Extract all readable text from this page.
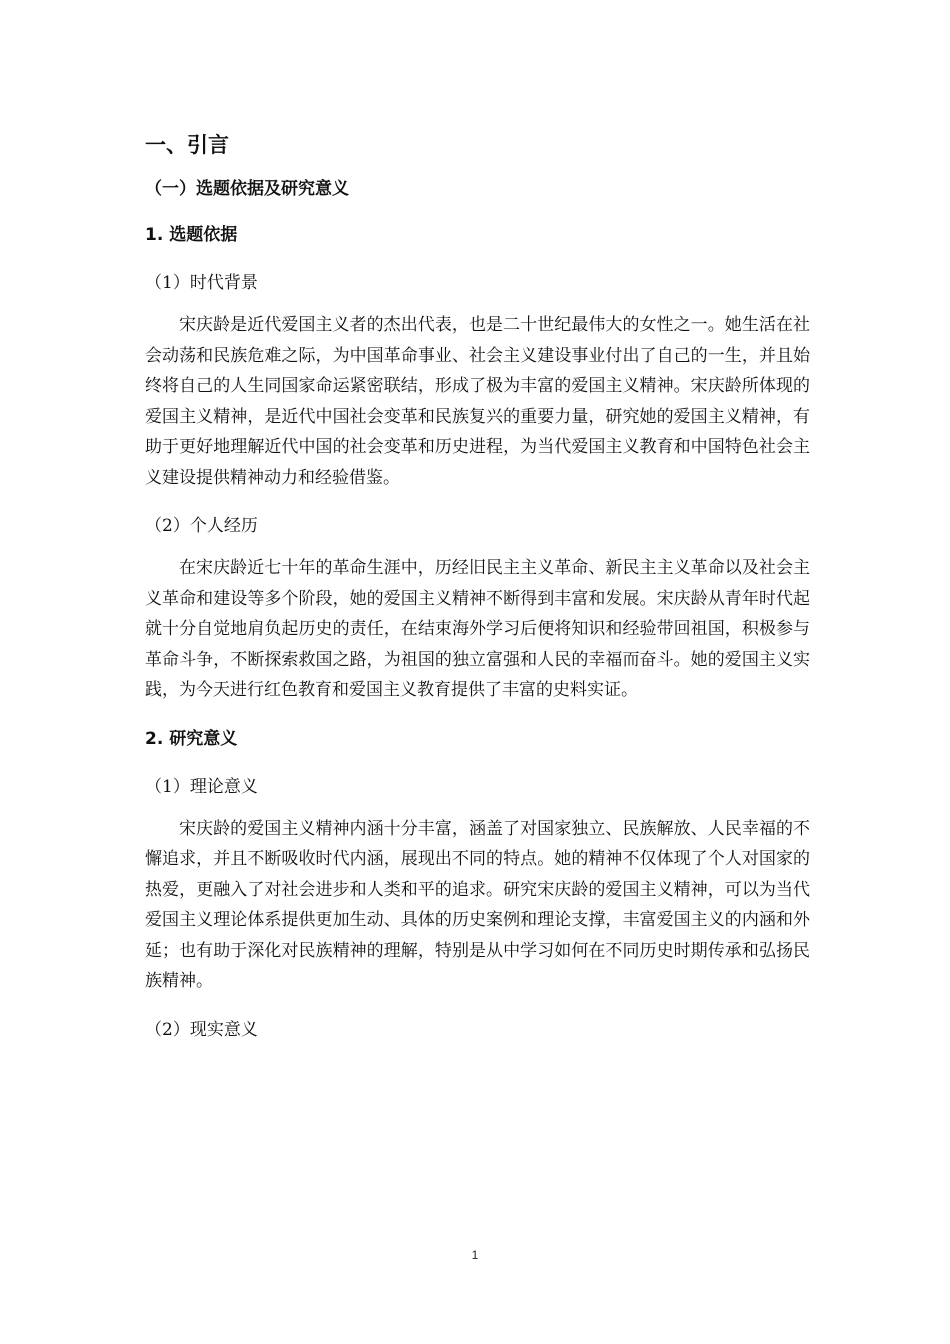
一、引言
（一）选题依据及研究意义
1. 选题依据
（1）时代背景

宋庆龄是近代爱国主义者的杰出代表，也是二十世纪最伟大的女性之一。她生活在社会动荡和民族危难之际，为中国革命事业、社会主义建设事业付出了自己的一生，并且始终将自己的人生同国家命运紧密联结，形成了极为丰富的爱国主义精神。宋庆龄所体现的爱国主义精神，是近代中国社会变革和民族复兴的重要力量，研究她的爱国主义精神，有助于更好地理解近代中国的社会变革和历史进程，为当代爱国主义教育和中国特色社会主义建设提供精神动力和经验借鉴。

（2）个人经历

在宋庆龄近七十年的革命生涯中，历经旧民主主义革命、新民主主义革命以及社会主义革命和建设等多个阶段，她的爱国主义精神不断得到丰富和发展。宋庆龄从青年时代起就十分自觉地肩负起历史的责任，在结束海外学习后便将知识和经验带回祖国，积极参与革命斗争，不断探索救国之路，为祖国的独立富强和人民的幸福而奋斗。她的爱国主义实践，为今天进行红色教育和爱国主义教育提供了丰富的史料实证。

2. 研究意义
（1）理论意义

宋庆龄的爱国主义精神内涵十分丰富，涵盖了对国家独立、民族解放、人民幸福的不懈追求，并且不断吸收时代内涵，展现出不同的特点。她的精神不仅体现了个人对国家的热爱，更融入了对社会进步和人类和平的追求。研究宋庆龄的爱国主义精神，可以为当代爱国主义理论体系提供更加生动、具体的历史案例和理论支撑，丰富爱国主义的内涵和外延；也有助于深化对民族精神的理解，特别是从中学习如何在不同历史时期传承和弘扬民族精神。

（2）现实意义
1
